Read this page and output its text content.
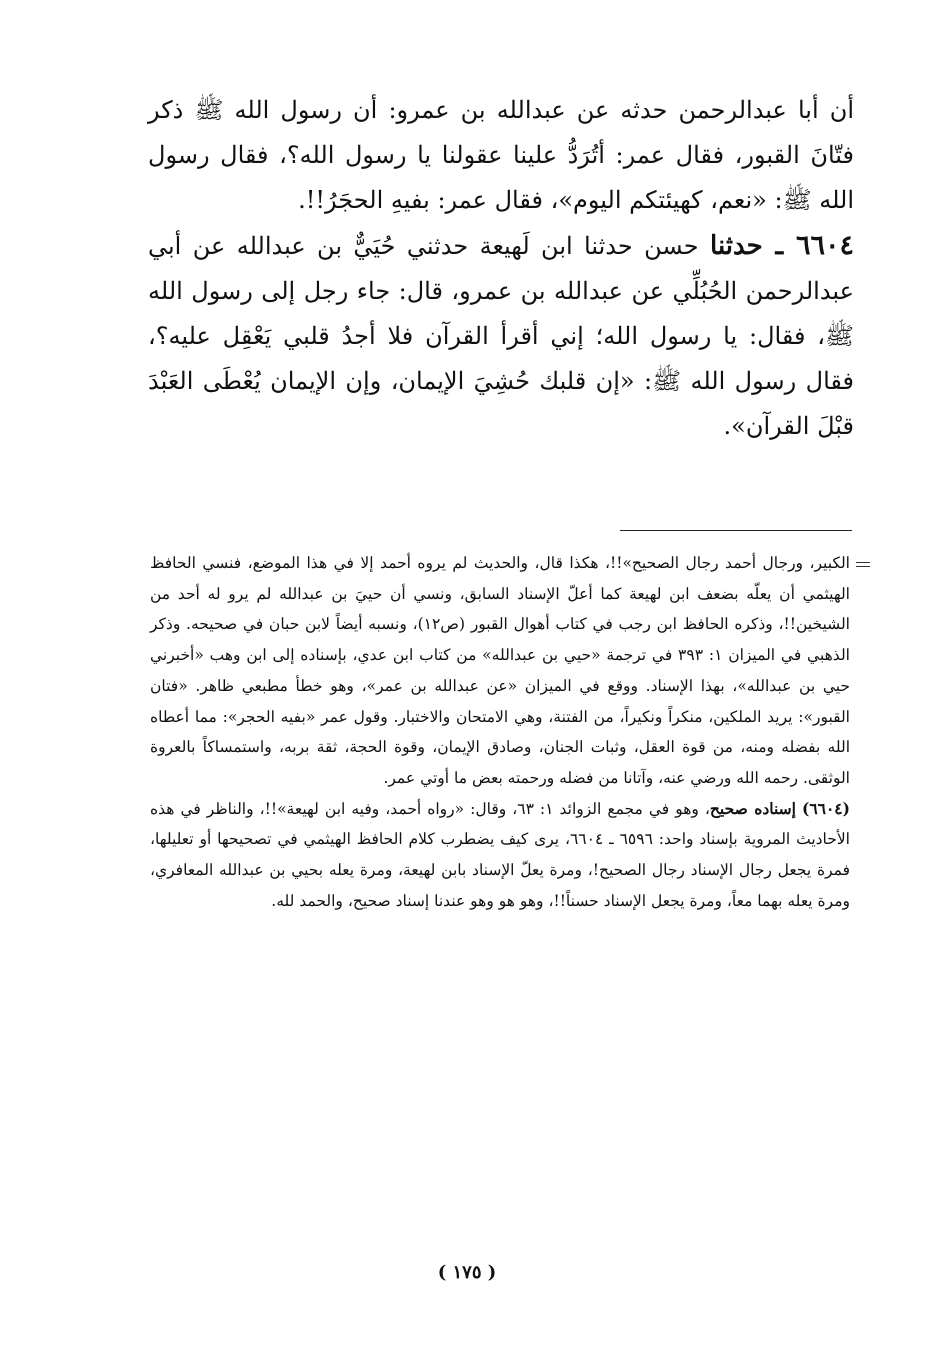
أن أبا عبدالرحمن حدثه عن عبدالله بن عمرو: أن رسول الله ﷺ ذكر فتّانَ القبور، فقال عمر: أتُرَدُّ علينا عقولنا يا رسول الله؟، فقال رسول الله ﷺ: «نعم، كهيئتكم اليوم»، فقال عمر: بفيهِ الحجَرُ!!.

٦٦٠٤ ـ حدثنا حسن حدثنا ابن لَهيعة حدثني حُيَيٌّ بن عبدالله عن أبي عبدالرحمن الحُبُلِّي عن عبدالله بن عمرو، قال: جاء رجل إلى رسول الله ﷺ، فقال: يا رسول الله؛ إني أقرأ القرآن فلا أجدُ قلبي يَعْقِل عليه؟، فقال رسول الله ﷺ: «إن قلبك حُشِيَ الإيمان، وإن الإيمان يُعْطَى العَبْدَ قبْلَ القرآن».

الكبير، ورجال أحمد رجال الصحيح»!!، هكذا قال، والحديث لم يروه أحمد إلا في هذا الموضع، فنسي الحافظ الهيثمي أن يعلّه بضعف ابن لهيعة كما أعلّ الإسناد السابق، ونسي أن حييَ بن عبدالله لم يرو له أحد من الشيخين!!، وذكره الحافظ ابن رجب في كتاب أهوال القبور (ص١٢)، ونسبه أيضاً لابن حبان في صحيحه. وذكر الذهبي في الميزان ١: ٣٩٣ في ترجمة «حيي بن عبدالله» من كتاب ابن عدي، بإسناده إلى ابن وهب «أخبرني حيي بن عبدالله»، بهذا الإسناد. ووقع في الميزان «عن عبدالله بن عمر»، وهو خطأ مطبعي ظاهر. «فتان القبور»: يريد الملكين، منكراً ونكيراً، من الفتنة، وهي الامتحان والاختبار. وقول عمر «بفيه الحجر»: مما أعطاه الله بفضله ومنه، من قوة العقل، وثبات الجنان، وصادق الإيمان، وقوة الحجة، ثقة بربه، واستمساكاً بالعروة الوثقى. رحمه الله ورضي عنه، وآتانا من فضله ورحمته بعض ما أوتي عمر.

(٦٦٠٤) إسناده صحيح، وهو في مجمع الزوائد ١: ٦٣، وقال: «رواه أحمد، وفيه ابن لهيعة»!!، والناظر في هذه الأحاديث المروية بإسناد واحد: ٦٥٩٦ ـ ٦٦٠٤، يرى كيف يضطرب كلام الحافظ الهيثمي في تصحيحها أو تعليلها، فمرة يجعل رجال الإسناد رجال الصحيح!، ومرة يعلّ الإسناد بابن لهيعة، ومرة يعله بحيي بن عبدالله المعافري، ومرة يعله بهما معاً، ومرة يجعل الإسناد حسناً!!، وهو هو وهو عندنا إسناد صحيح، والحمد لله.

( ١٧٥ )
